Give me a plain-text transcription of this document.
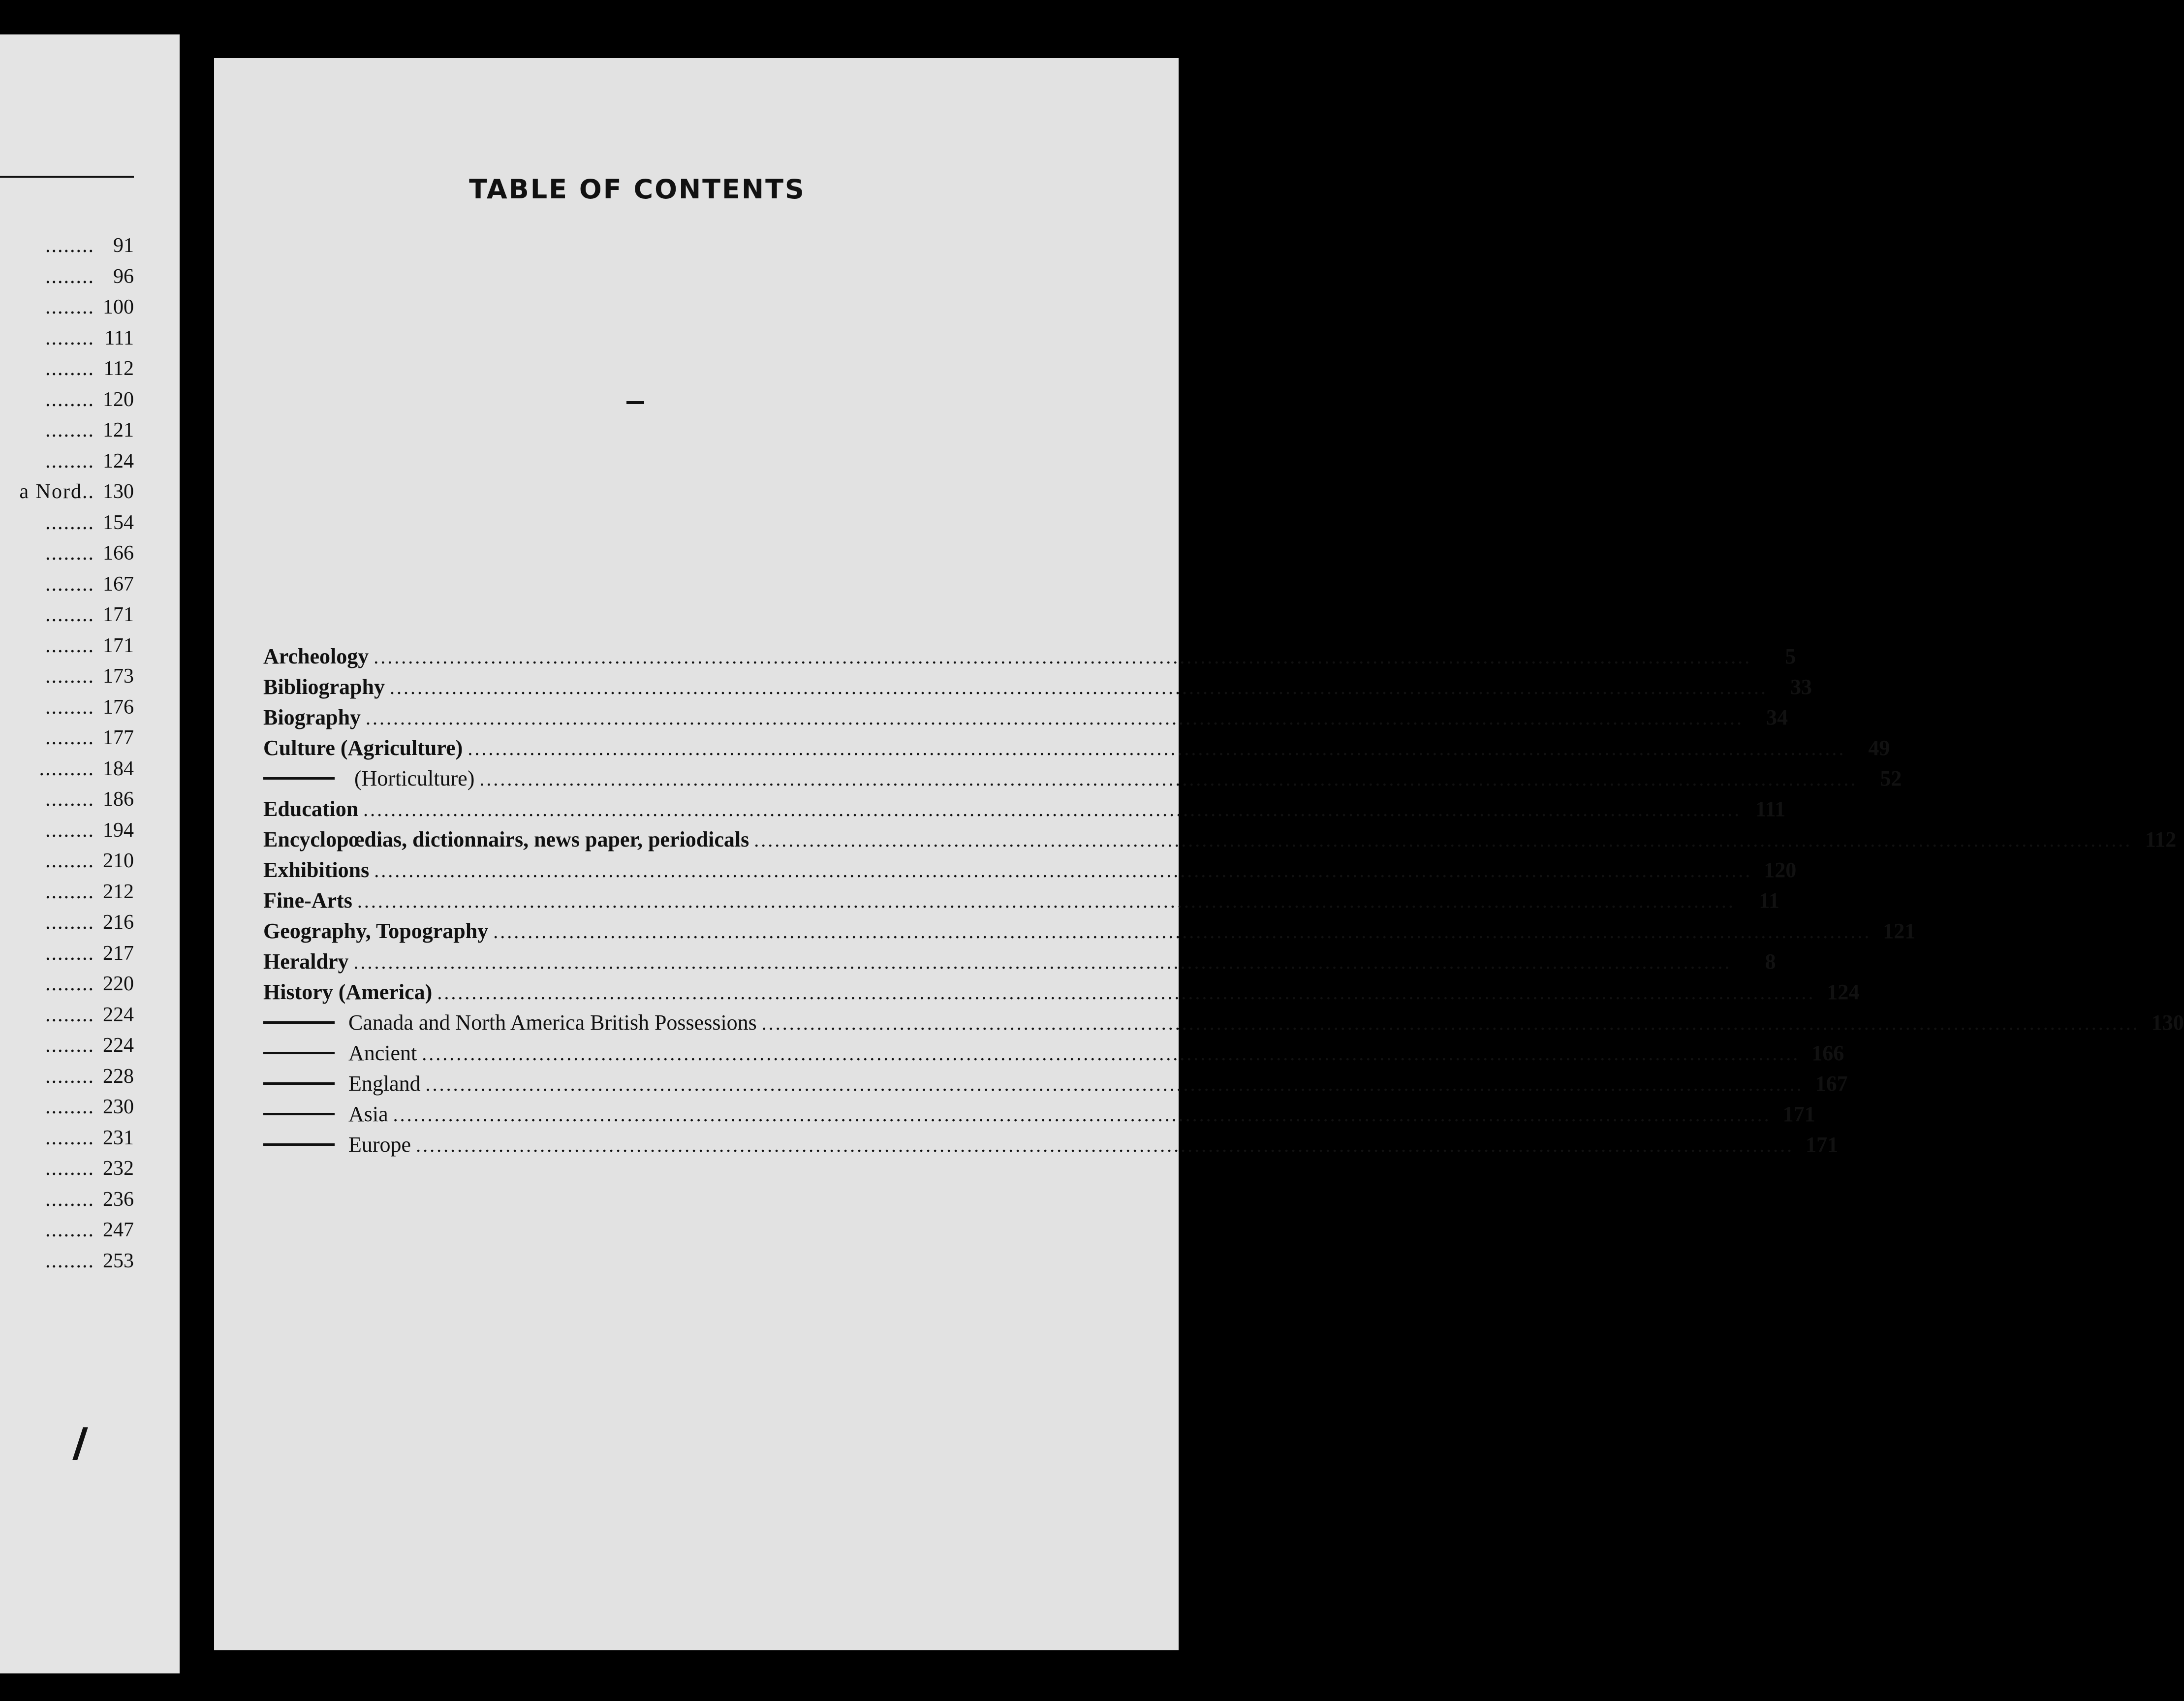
........ 91
........ 96
........ 100
........ 111
........ 112
........ 120
........ 121
........ 124
a Nord.. 130
........ 154
........ 166
........ 167
........ 171
........ 171
........ 173
........ 176
........ 177
......... 184
........ 186
........ 194
........ 210
........ 212
........ 216
........ 217
........ 220
........ 224
........ 224
........ 228
........ 230
........ 231
........ 232
........ 236
........ 247
........ 253
TABLE OF CONTENTS
Archeology ........................................................................................................................................................................................................	5
Bibliography ........................................................................................................................................................................................................	33
Biography ........................................................................................................................................................................................................	34
Culture (Agriculture) ........................................................................................................................................................................................................	49
(Horticulture) ........................................................................................................................................................................................................	52
Education ........................................................................................................................................................................................................ 111
Encyclopœdias, dictionnairs, news paper, periodicals ........................................................................................................................................................................................................ 112
Exhibitions ........................................................................................................................................................................................................ 120
Fine-Arts ........................................................................................................................................................................................................	11
Geography, Topography ........................................................................................................................................................................................................ 121
Heraldry ........................................................................................................................................................................................................	8
History (America) ........................................................................................................................................................................................................ 124
Canada and North America British Possessions ........................................................................................................................................................................................................ 130
Ancient ........................................................................................................................................................................................................ 166
England ........................................................................................................................................................................................................ 167
Asia ........................................................................................................................................................................................................ 171
Europe ........................................................................................................................................................................................................ 171
